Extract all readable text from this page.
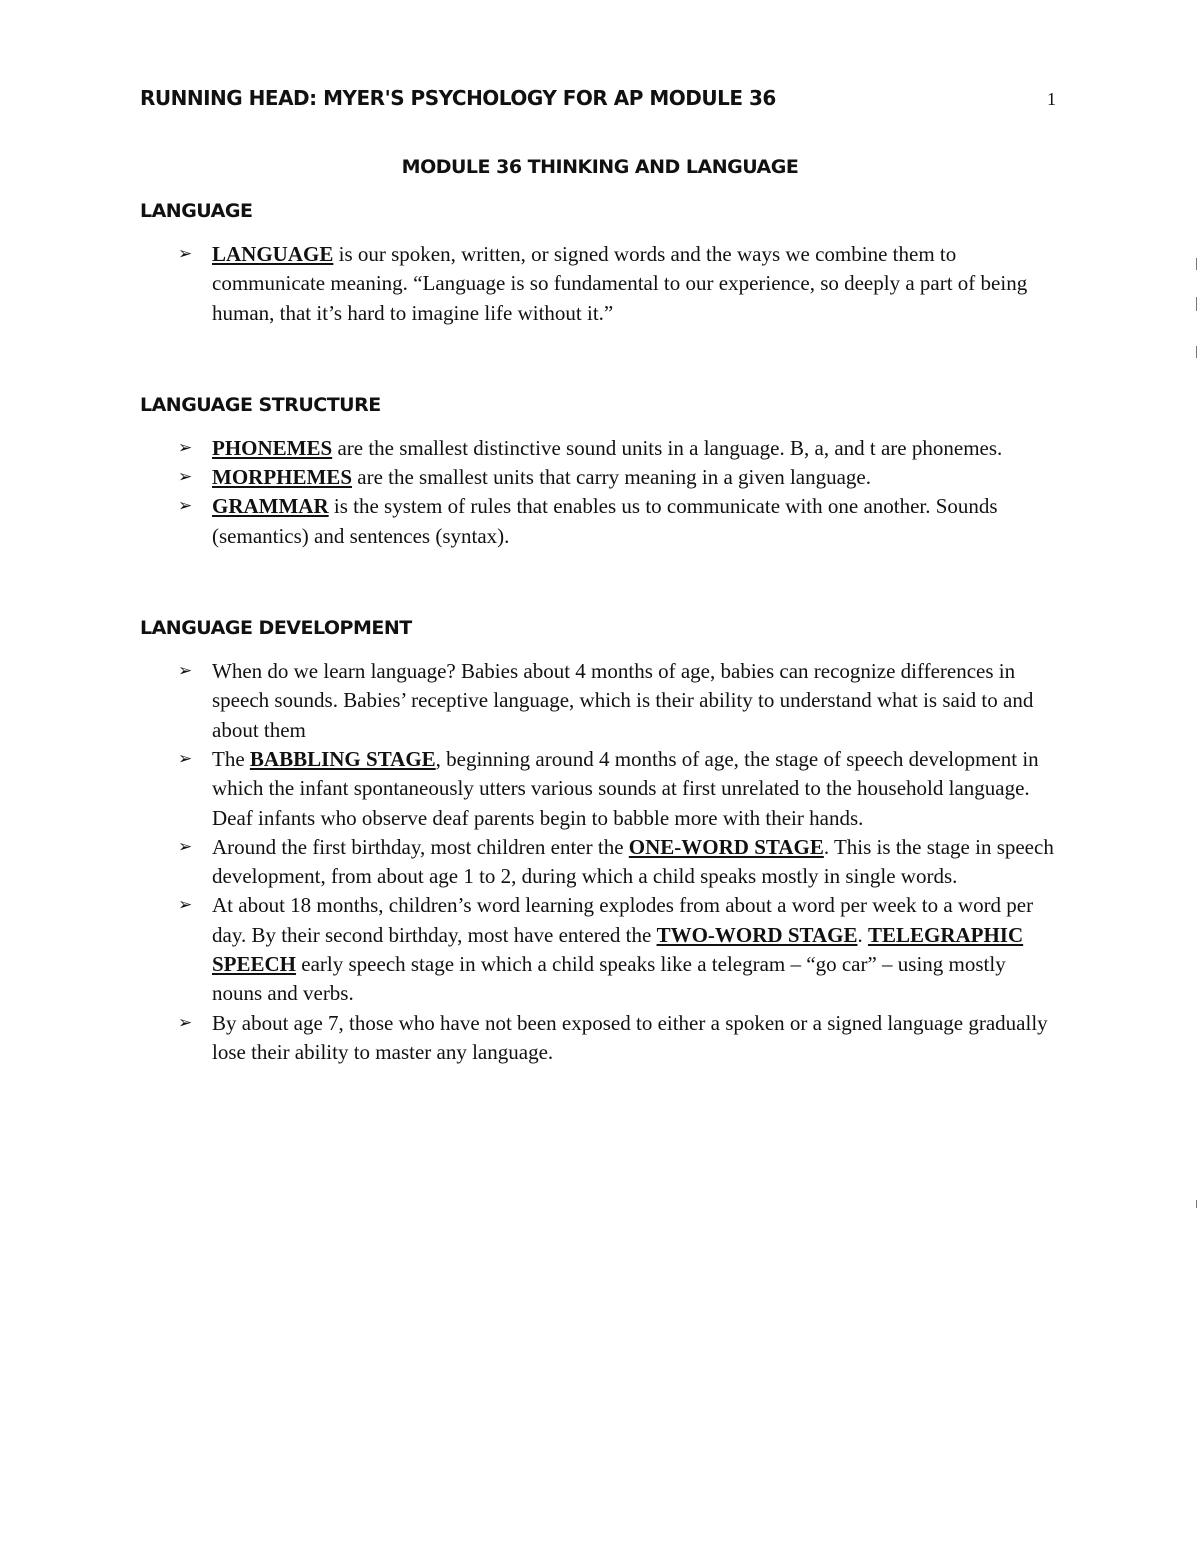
RUNNING HEAD: MYER'S PSYCHOLOGY FOR AP MODULE 36	1
MODULE 36 THINKING AND LANGUAGE
LANGUAGE
➢ LANGUAGE is our spoken, written, or signed words and the ways we combine them to communicate meaning. “Language is so fundamental to our experience, so deeply a part of being human, that it’s hard to imagine life without it.”
LANGUAGE STRUCTURE
➢ PHONEMES are the smallest distinctive sound units in a language. B, a, and t are phonemes.
➢ MORPHEMES are the smallest units that carry meaning in a given language.
➢ GRAMMAR is the system of rules that enables us to communicate with one another. Sounds (semantics) and sentences (syntax).
LANGUAGE DEVELOPMENT
➢ When do we learn language? Babies about 4 months of age, babies can recognize differences in speech sounds. Babies’ receptive language, which is their ability to understand what is said to and about them
➢ The BABBLING STAGE, beginning around 4 months of age, the stage of speech development in which the infant spontaneously utters various sounds at first unrelated to the household language. Deaf infants who observe deaf parents begin to babble more with their hands.
➢ Around the first birthday, most children enter the ONE-WORD STAGE. This is the stage in speech development, from about age 1 to 2, during which a child speaks mostly in single words.
➢ At about 18 months, children’s word learning explodes from about a word per week to a word per day. By their second birthday, most have entered the TWO-WORD STAGE. TELEGRAPHIC SPEECH early speech stage in which a child speaks like a telegram – “go car” – using mostly nouns and verbs.
➢ By about age 7, those who have not been exposed to either a spoken or a signed language gradually lose their ability to master any language.
